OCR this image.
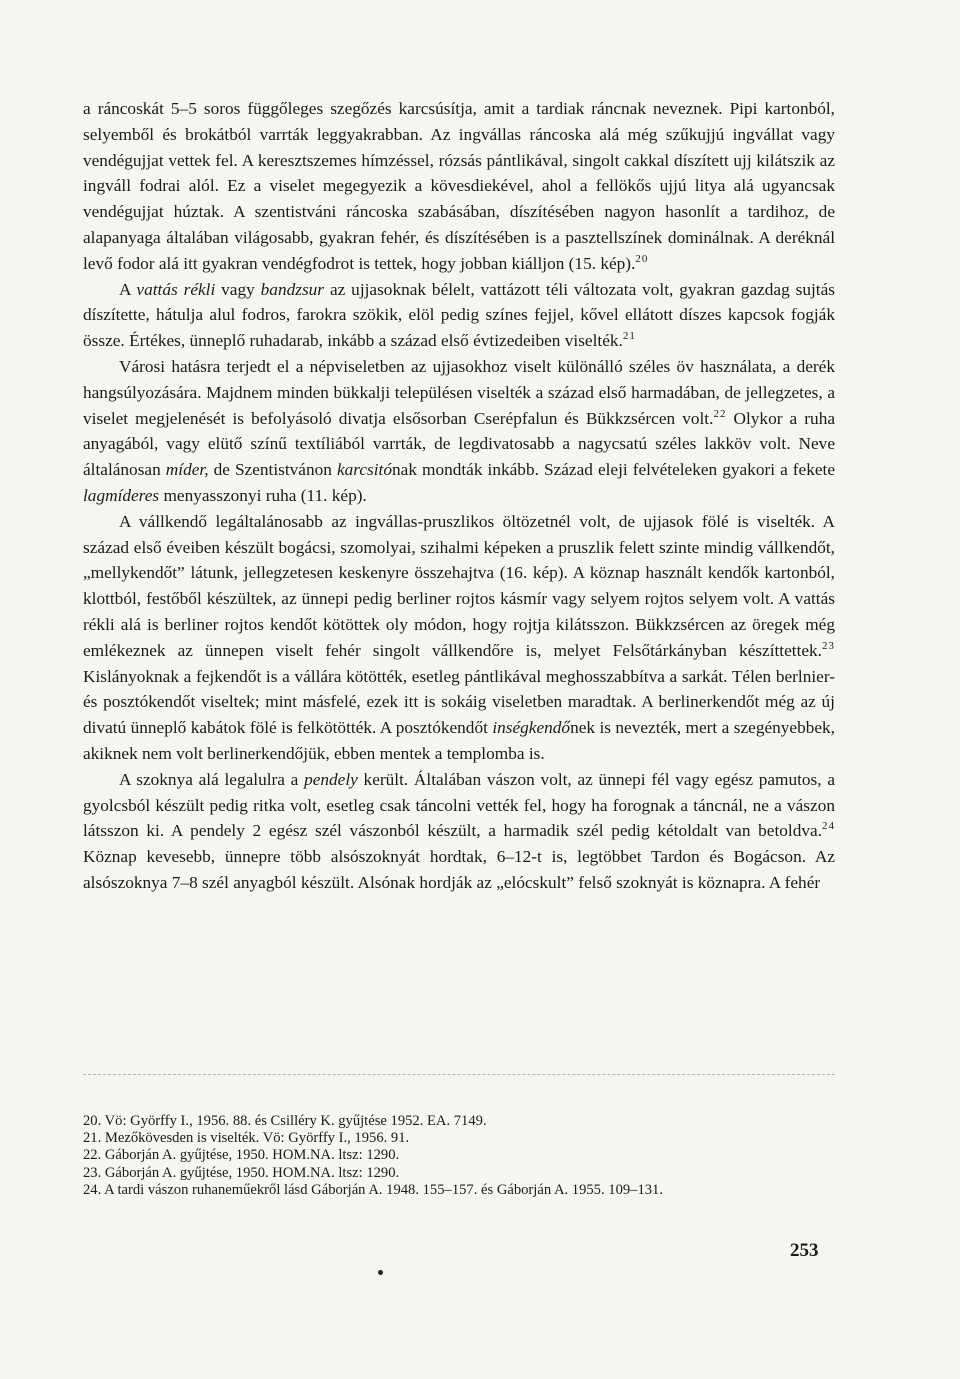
a ráncoskát 5–5 soros függőleges szegőzés karcsúsítja, amit a tardiak ráncnak neveznek. Pipi kartonból, selyemből és brokátból varrták leggyakrabban. Az ingvállas ráncoska alá még szűkujjú ingvállat vagy vendégujjat vettek fel. A keresztszemes hímzéssel, rózsás pántlikával, singolt cakkal díszített ujj kilátszik az ingváll fodrai alól. Ez a viselet megegyezik a kövesdiekével, ahol a fellökős ujjú litya alá ugyancsak vendégujjat húztak. A szentistváni ráncoska szabásában, díszítésében nagyon hasonlít a tardihoz, de alapanyaga általában világosabb, gyakran fehér, és díszítésében is a pasztellszínek dominálnak. A deréknál levő fodor alá itt gyakran vendégfodrot is tettek, hogy jobban kiálljon (15. kép).$^{20}$

A vattás rékli vagy bandzsur az ujjasoknak bélelt, vattázott téli változata volt, gyakran gazdag sujtás díszítette, hátulja alul fodros, farokra szökik, elöl pedig színes fejjel, kővel ellátott díszes kapcsok fogják össze. Értékes, ünneplő ruhadarab, inkább a század első évtizedeiben viselték.$^{21}$

Városi hatásra terjedt el a népviseletben az ujjasokhoz viselt különálló széles öv használata, a derék hangsúlyozására. Majdnem minden bükkalji településen viselték a század első harmadában, de jellegzetes, a viselet megjelenését is befolyásoló divatja elsősorban Cserépfalun és Bükkzsércen volt.$^{22}$ Olykor a ruha anyagából, vagy elütő színű textíliából varrták, de legdivatosabb a nagycsatú széles lakköv volt. Neve általánosan míder, de Szentistvánon karcsitónak mondták inkább. Század eleji felvételeken gyakori a fekete lagmíderes menyasszonyi ruha (11. kép).

A vállkendő legáltalánosabb az ingvállas-pruszlikos öltözetnél volt, de ujjasok fölé is viselték. A század első éveiben készült bogácsi, szomolyai, szihalmi képeken a pruszlik felett szinte mindig vállkendőt, „mellykendőt” látunk, jellegzetesen keskenyre összehajtva (16. kép). A köznap használt kendők kartonból, klottból, festőből készültek, az ünnepi pedig berliner rojtos kásmír vagy selyem rojtos selyem volt. A vattás rékli alá is berliner rojtos kendőt kötöttek oly módon, hogy rojtja kilátsszon. Bükkzsércen az öregek még emlékeznek az ünnepen viselt fehér singolt vállkendőre is, melyet Felsőtárkányban készíttettek.$^{23}$ Kislányoknak a fejkendőt is a vállára kötötték, esetleg pántlikával meghosszabbítva a sarkát. Télen berlnier- és posztókendőt viseltek; mint másfelé, ezek itt is sokáig viseletben maradtak. A berlinerkendőt még az új divatú ünneplő kabátok fölé is felkötötték. A posztókendőt inségkendőnek is nevezték, mert a szegényebbek, akiknek nem volt berlinerkendőjük, ebben mentek a templomba is.

A szoknya alá legalulra a pendely került. Általában vászon volt, az ünnepi fél vagy egész pamutos, a gyolcsból készült pedig ritka volt, esetleg csak táncolni vették fel, hogy ha forognak a táncnál, ne a vászon látsszon ki. A pendely 2 egész szél vászonból készült, a harmadik szél pedig kétoldalt van betoldva.$^{24}$ Köznap kevesebb, ünnepre több alsószoknyát hordtak, 6–12-t is, legtöbbet Tardon és Bogácson. Az alsószoknya 7–8 szél anyagból készült. Alsónak hordják az „elócskult” felső szoknyát is köznapra. A fehér

20. Vö: Györffy I., 1956. 88. és Csilléry K. gyűjtése 1952. EA. 7149.
21. Mezőkövesden is viselték. Vö: Györffy I., 1956. 91.
22. Gáborján A. gyűjtése, 1950. HOM.NA. ltsz: 1290.
23. Gáborján A. gyűjtése, 1950. HOM.NA. ltsz: 1290.
24. A tardi vászon ruhaneműekről lásd Gáborján A. 1948. 155–157. és Gáborján A. 1955. 109–131.
253
